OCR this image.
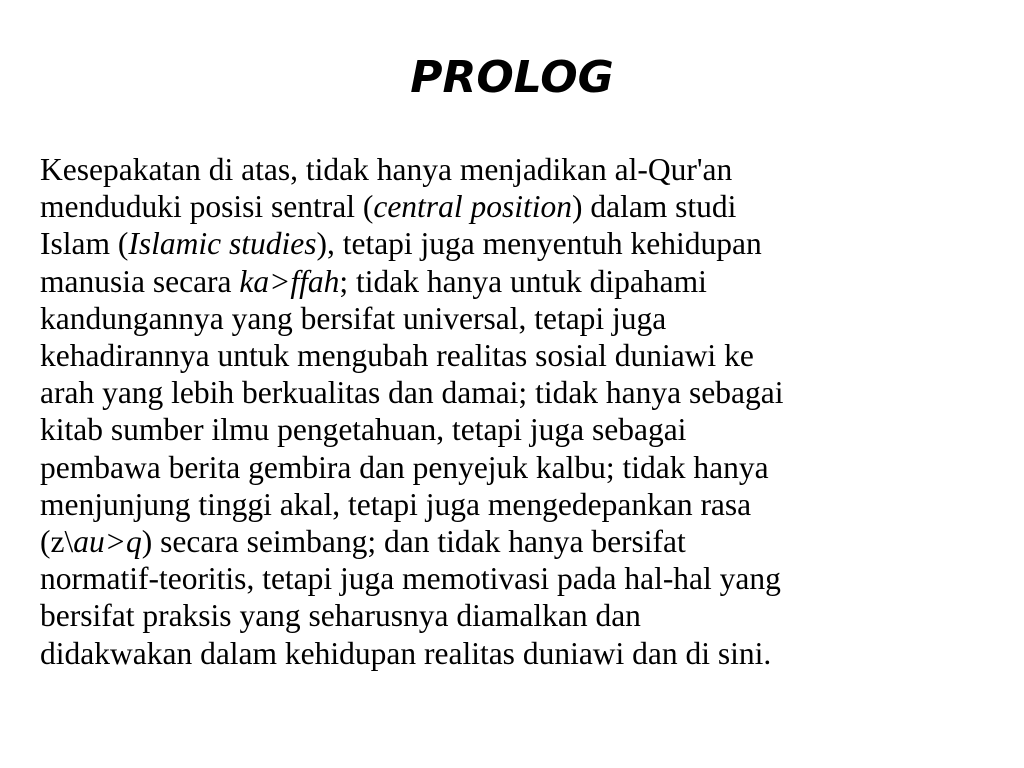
PROLOG
Kesepakatan di atas, tidak hanya menjadikan al-Qur'an
menduduki posisi sentral (central position) dalam studi
Islam (Islamic studies), tetapi juga menyentuh kehidupan
manusia secara ka>ffah; tidak hanya untuk dipahami
kandungannya yang bersifat universal, tetapi juga
kehadirannya untuk mengubah realitas sosial duniawi ke
arah yang lebih berkualitas dan damai; tidak hanya sebagai
kitab sumber ilmu pengetahuan, tetapi juga sebagai
pembawa berita gembira dan penyejuk kalbu; tidak hanya
menjunjung tinggi akal, tetapi juga mengedepankan rasa
(z\au>q) secara seimbang; dan tidak hanya bersifat
normatif-teoritis, tetapi juga memotivasi pada hal-hal yang
bersifat praksis yang seharusnya diamalkan dan
didakwakan dalam kehidupan realitas duniawi dan di sini.
